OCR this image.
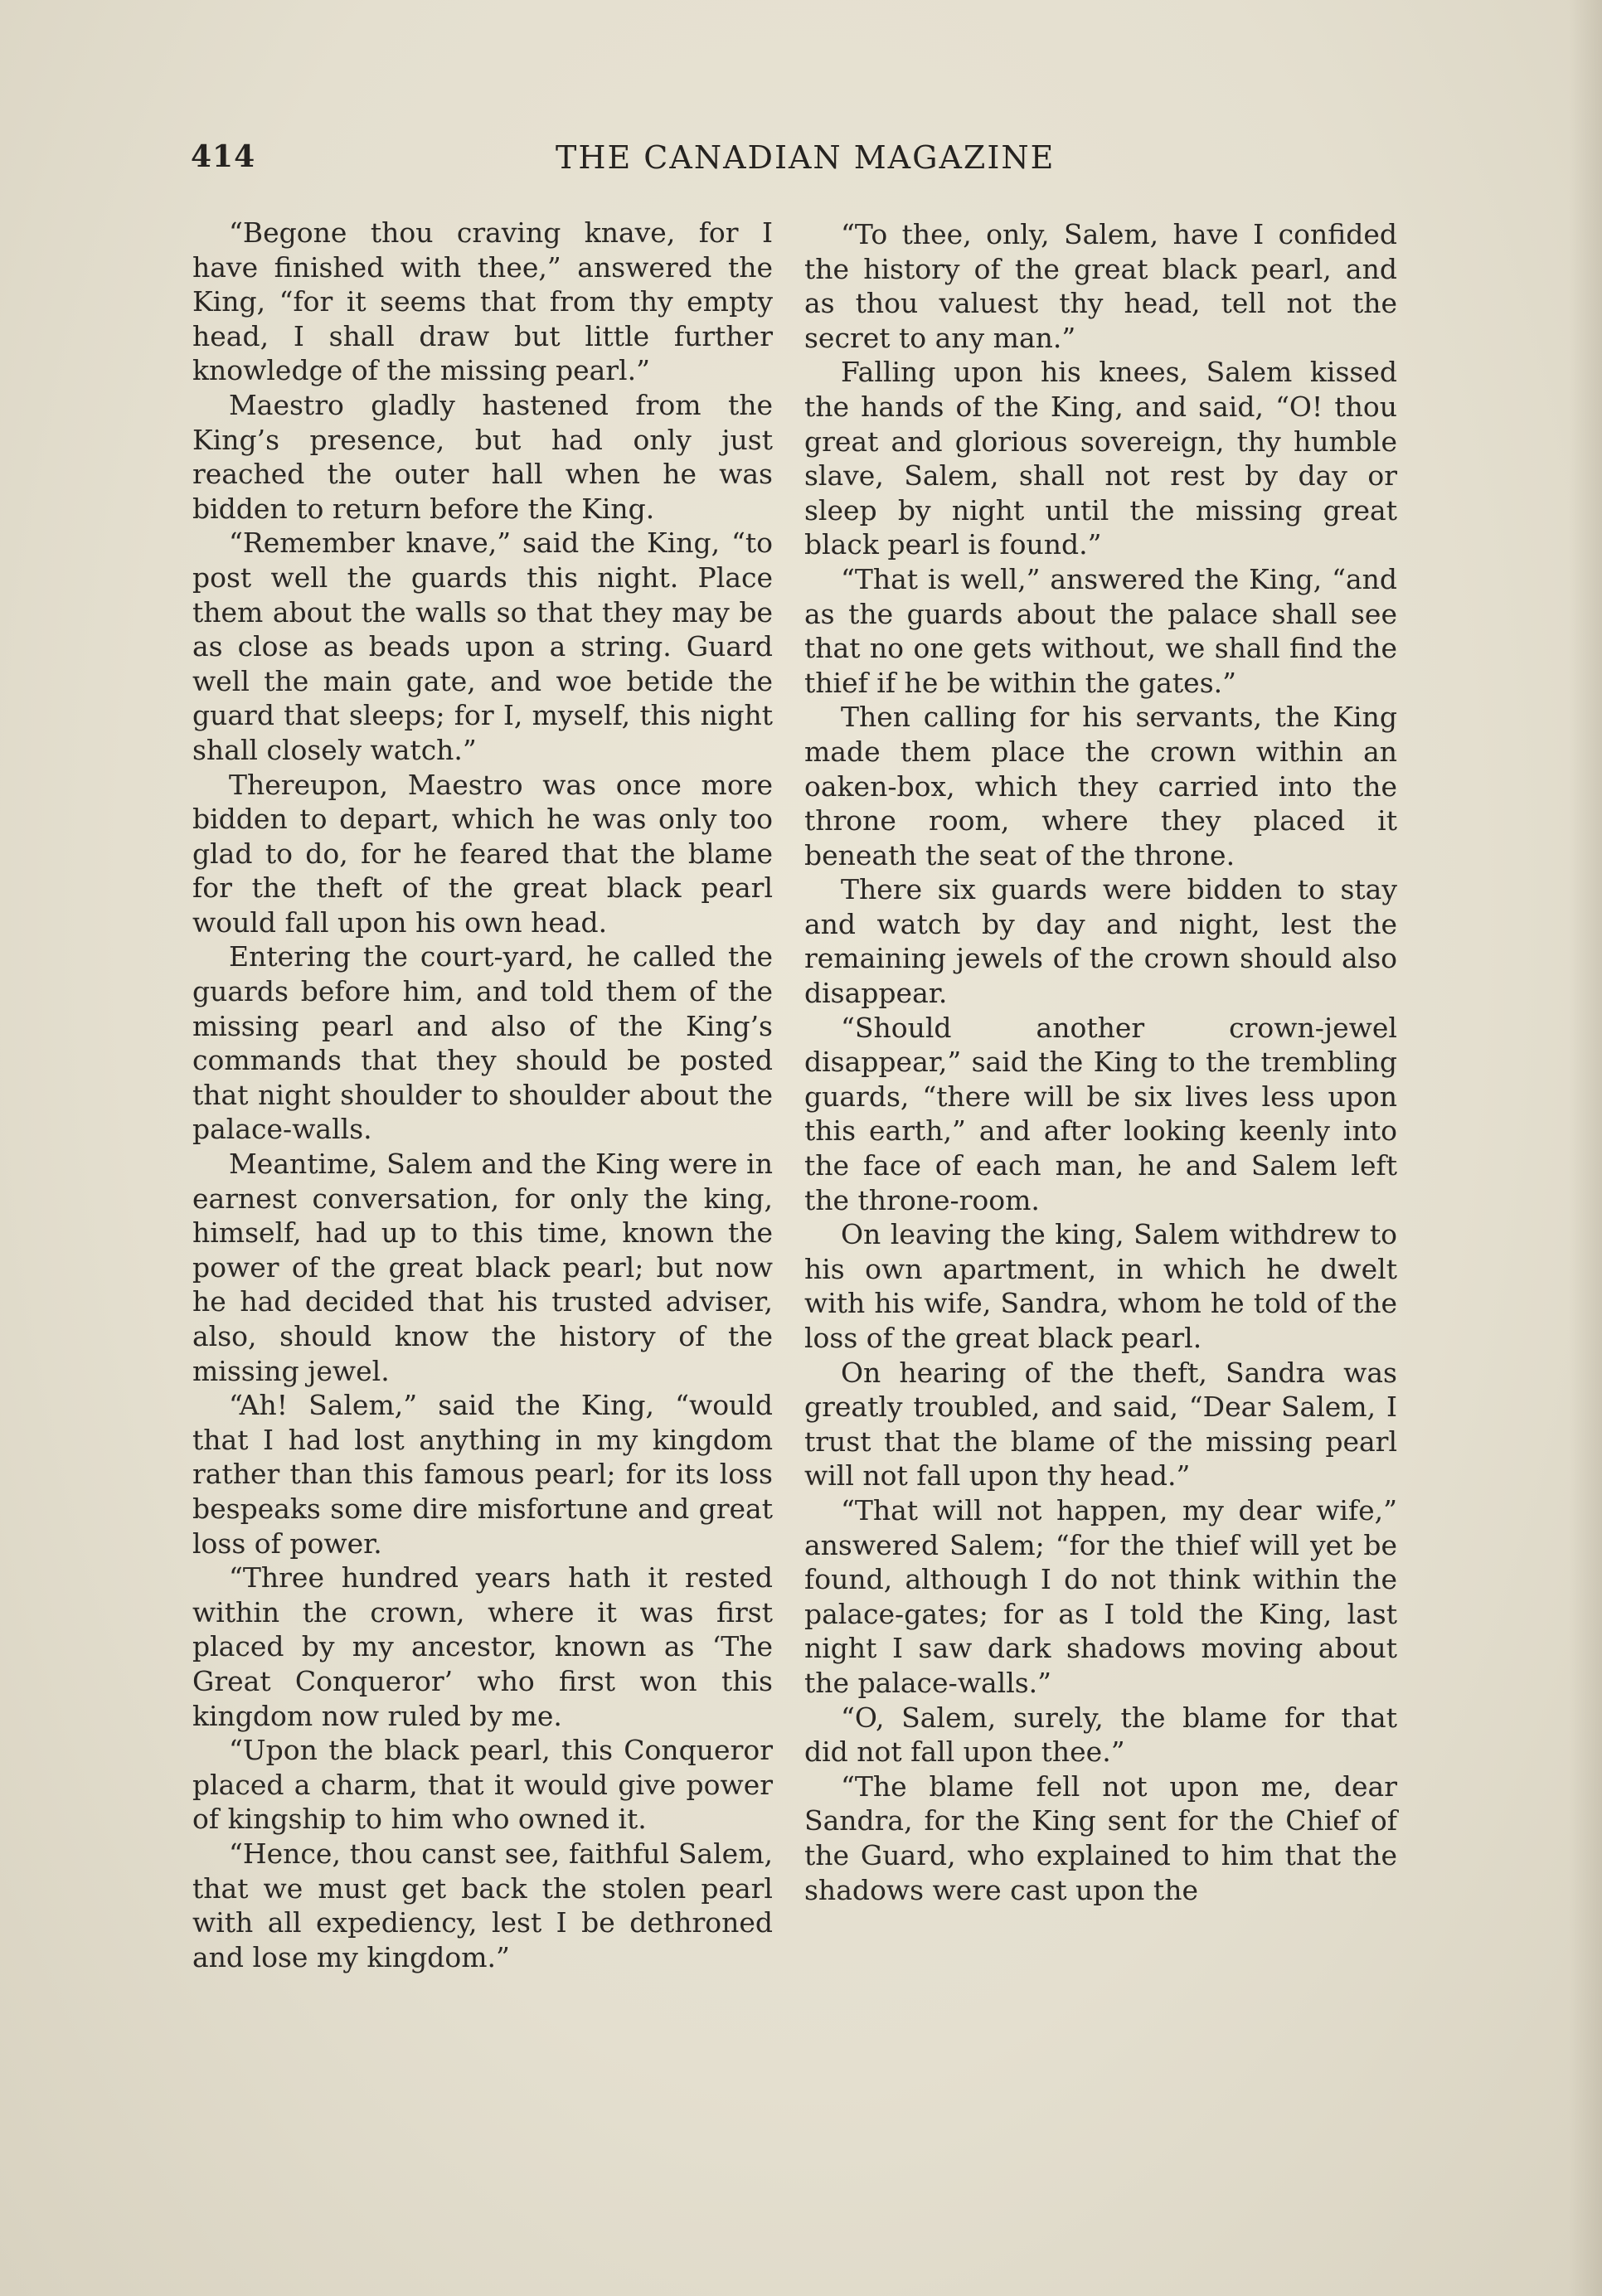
414	THE CANADIAN MAGAZINE

“Begone thou craving knave, for I have finished with thee,” answered the King, “for it seems that from thy empty head, I shall draw but little further knowledge of the missing pearl.”

Maestro gladly hastened from the King’s presence, but had only just reached the outer hall when he was bidden to return before the King.

“Remember knave,” said the King, “to post well the guards this night. Place them about the walls so that they may be as close as beads upon a string. Guard well the main gate, and woe betide the guard that sleeps; for I, myself, this night shall closely watch.”

Thereupon, Maestro was once more bidden to depart, which he was only too glad to do, for he feared that the blame for the theft of the great black pearl would fall upon his own head.

Entering the court-yard, he called the guards before him, and told them of the missing pearl and also of the King’s commands that they should be posted that night shoulder to shoulder about the palace-walls.

Meantime, Salem and the King were in earnest conversation, for only the king, himself, had up to this time, known the power of the great black pearl; but now he had decided that his trusted adviser, also, should know the history of the missing jewel.

“Ah! Salem,” said the King, “would that I had lost anything in my kingdom rather than this famous pearl; for its loss bespeaks some dire misfortune and great loss of power.

“Three hundred years hath it rested within the crown, where it was first placed by my ancestor, known as ‘The Great Conqueror’ who first won this kingdom now ruled by me.

“Upon the black pearl, this Conqueror placed a charm, that it would give power of kingship to him who owned it.

“Hence, thou canst see, faithful Salem, that we must get back the stolen pearl with all expediency, lest I be dethroned and lose my kingdom.”

“To thee, only, Salem, have I confided the history of the great black pearl, and as thou valuest thy head, tell not the secret to any man.”

Falling upon his knees, Salem kissed the hands of the King, and said, “O! thou great and glorious sovereign, thy humble slave, Salem, shall not rest by day or sleep by night until the missing great black pearl is found.”

“That is well,” answered the King, “and as the guards about the palace shall see that no one gets without, we shall find the thief if he be within the gates.”

Then calling for his servants, the King made them place the crown within an oaken-box, which they carried into the throne room, where they placed it beneath the seat of the throne.

There six guards were bidden to stay and watch by day and night, lest the remaining jewels of the crown should also disappear.

“Should another crown-jewel disappear,” said the King to the trembling guards, “there will be six lives less upon this earth,” and after looking keenly into the face of each man, he and Salem left the throne-room.

On leaving the king, Salem withdrew to his own apartment, in which he dwelt with his wife, Sandra, whom he told of the loss of the great black pearl.

On hearing of the theft, Sandra was greatly troubled, and said, “Dear Salem, I trust that the blame of the missing pearl will not fall upon thy head.”

“That will not happen, my dear wife,” answered Salem; “for the thief will yet be found, although I do not think within the palace-gates; for as I told the King, last night I saw dark shadows moving about the palace-walls.”

“O, Salem, surely, the blame for that did not fall upon thee.”

“The blame fell not upon me, dear Sandra, for the King sent for the Chief of the Guard, who explained to him that the shadows were cast upon the
